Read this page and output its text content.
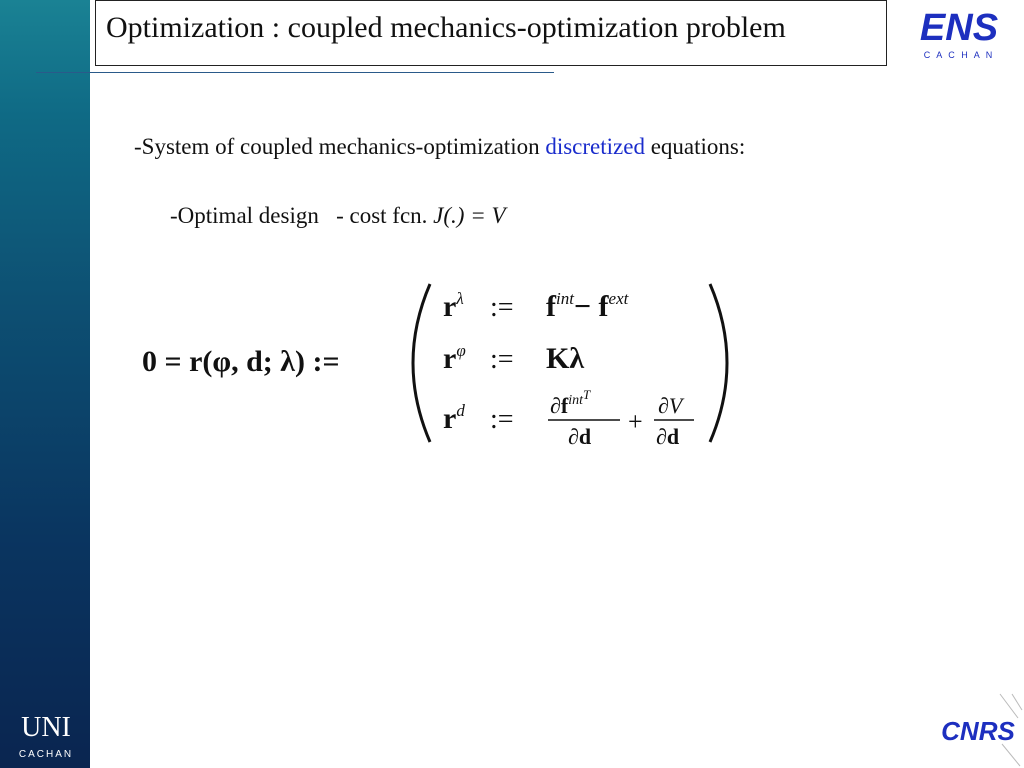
UNI
CACHAN
Optimization : coupled mechanics-optimization problem	ENS
C A C H A N
-System of coupled mechanics-optimization discretized equations:
-Optimal design   - cost fcn. J(.) = V
0 = r(φ, d; λ) :=
$r^\lambda$ := $f^{int}- f^{ext}$
$r^\varphi$ := Kλ
$r^d$ := $\partial f^{intT}$
∂d
+
∂V
∂d
CNRS
